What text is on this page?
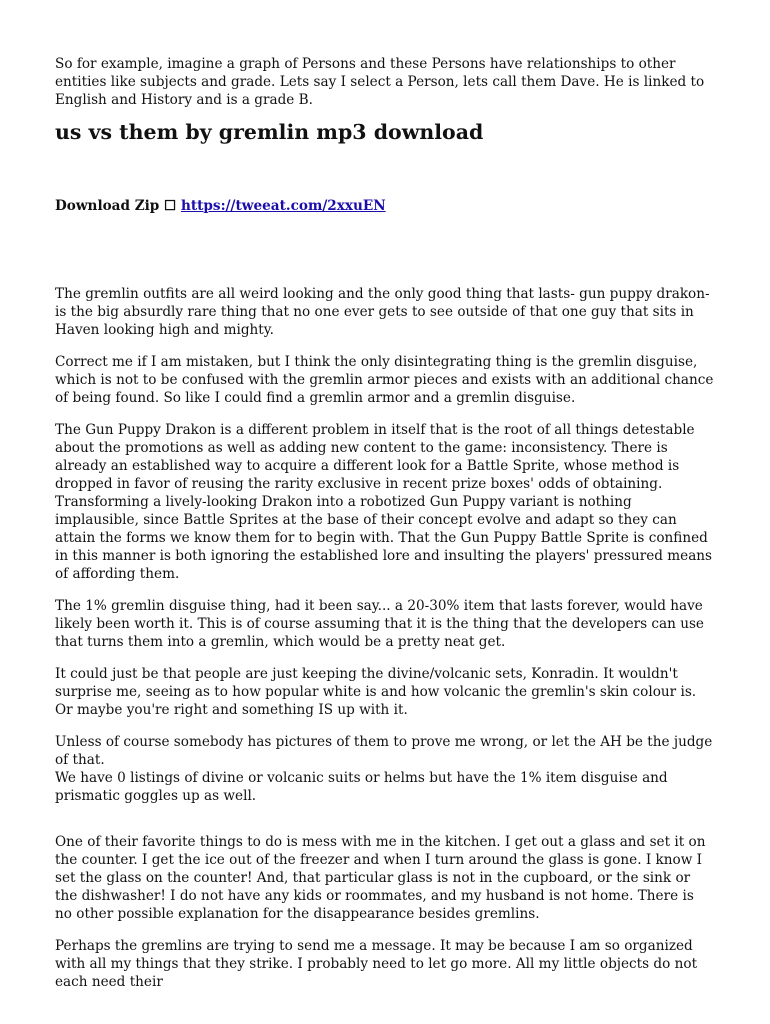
So for example, imagine a graph of Persons and these Persons have relationships to other entities like subjects and grade. Lets say I select a Person, lets call them Dave. He is linked to English and History and is a grade B.

us vs them by gremlin mp3 download

Download Zip ☐ https://tweeat.com/2xxuEN

The gremlin outfits are all weird looking and the only good thing that lasts- gun puppy drakon- is the big absurdly rare thing that no one ever gets to see outside of that one guy that sits in Haven looking high and mighty.

Correct me if I am mistaken, but I think the only disintegrating thing is the gremlin disguise, which is not to be confused with the gremlin armor pieces and exists with an additional chance of being found. So like I could find a gremlin armor and a gremlin disguise.

The Gun Puppy Drakon is a different problem in itself that is the root of all things detestable about the promotions as well as adding new content to the game: inconsistency. There is already an established way to acquire a different look for a Battle Sprite, whose method is dropped in favor of reusing the rarity exclusive in recent prize boxes' odds of obtaining. Transforming a lively-looking Drakon into a robotized Gun Puppy variant is nothing implausible, since Battle Sprites at the base of their concept evolve and adapt so they can attain the forms we know them for to begin with. That the Gun Puppy Battle Sprite is confined in this manner is both ignoring the established lore and insulting the players' pressured means of affording them.

The 1% gremlin disguise thing, had it been say... a 20-30% item that lasts forever, would have likely been worth it. This is of course assuming that it is the thing that the developers can use that turns them into a gremlin, which would be a pretty neat get.

It could just be that people are just keeping the divine/volcanic sets, Konradin. It wouldn't surprise me, seeing as to how popular white is and how volcanic the gremlin's skin colour is. Or maybe you're right and something IS up with it.

Unless of course somebody has pictures of them to prove me wrong, or let the AH be the judge of that.

We have 0 listings of divine or volcanic suits or helms but have the 1% item disguise and prismatic goggles up as well.

One of their favorite things to do is mess with me in the kitchen. I get out a glass and set it on the counter. I get the ice out of the freezer and when I turn around the glass is gone. I know I set the glass on the counter! And, that particular glass is not in the cupboard, or the sink or the dishwasher! I do not have any kids or roommates, and my husband is not home. There is no other possible explanation for the disappearance besides gremlins.

Perhaps the gremlins are trying to send me a message. It may be because I am so organized with all my things that they strike. I probably need to let go more. All my little objects do not each need their
